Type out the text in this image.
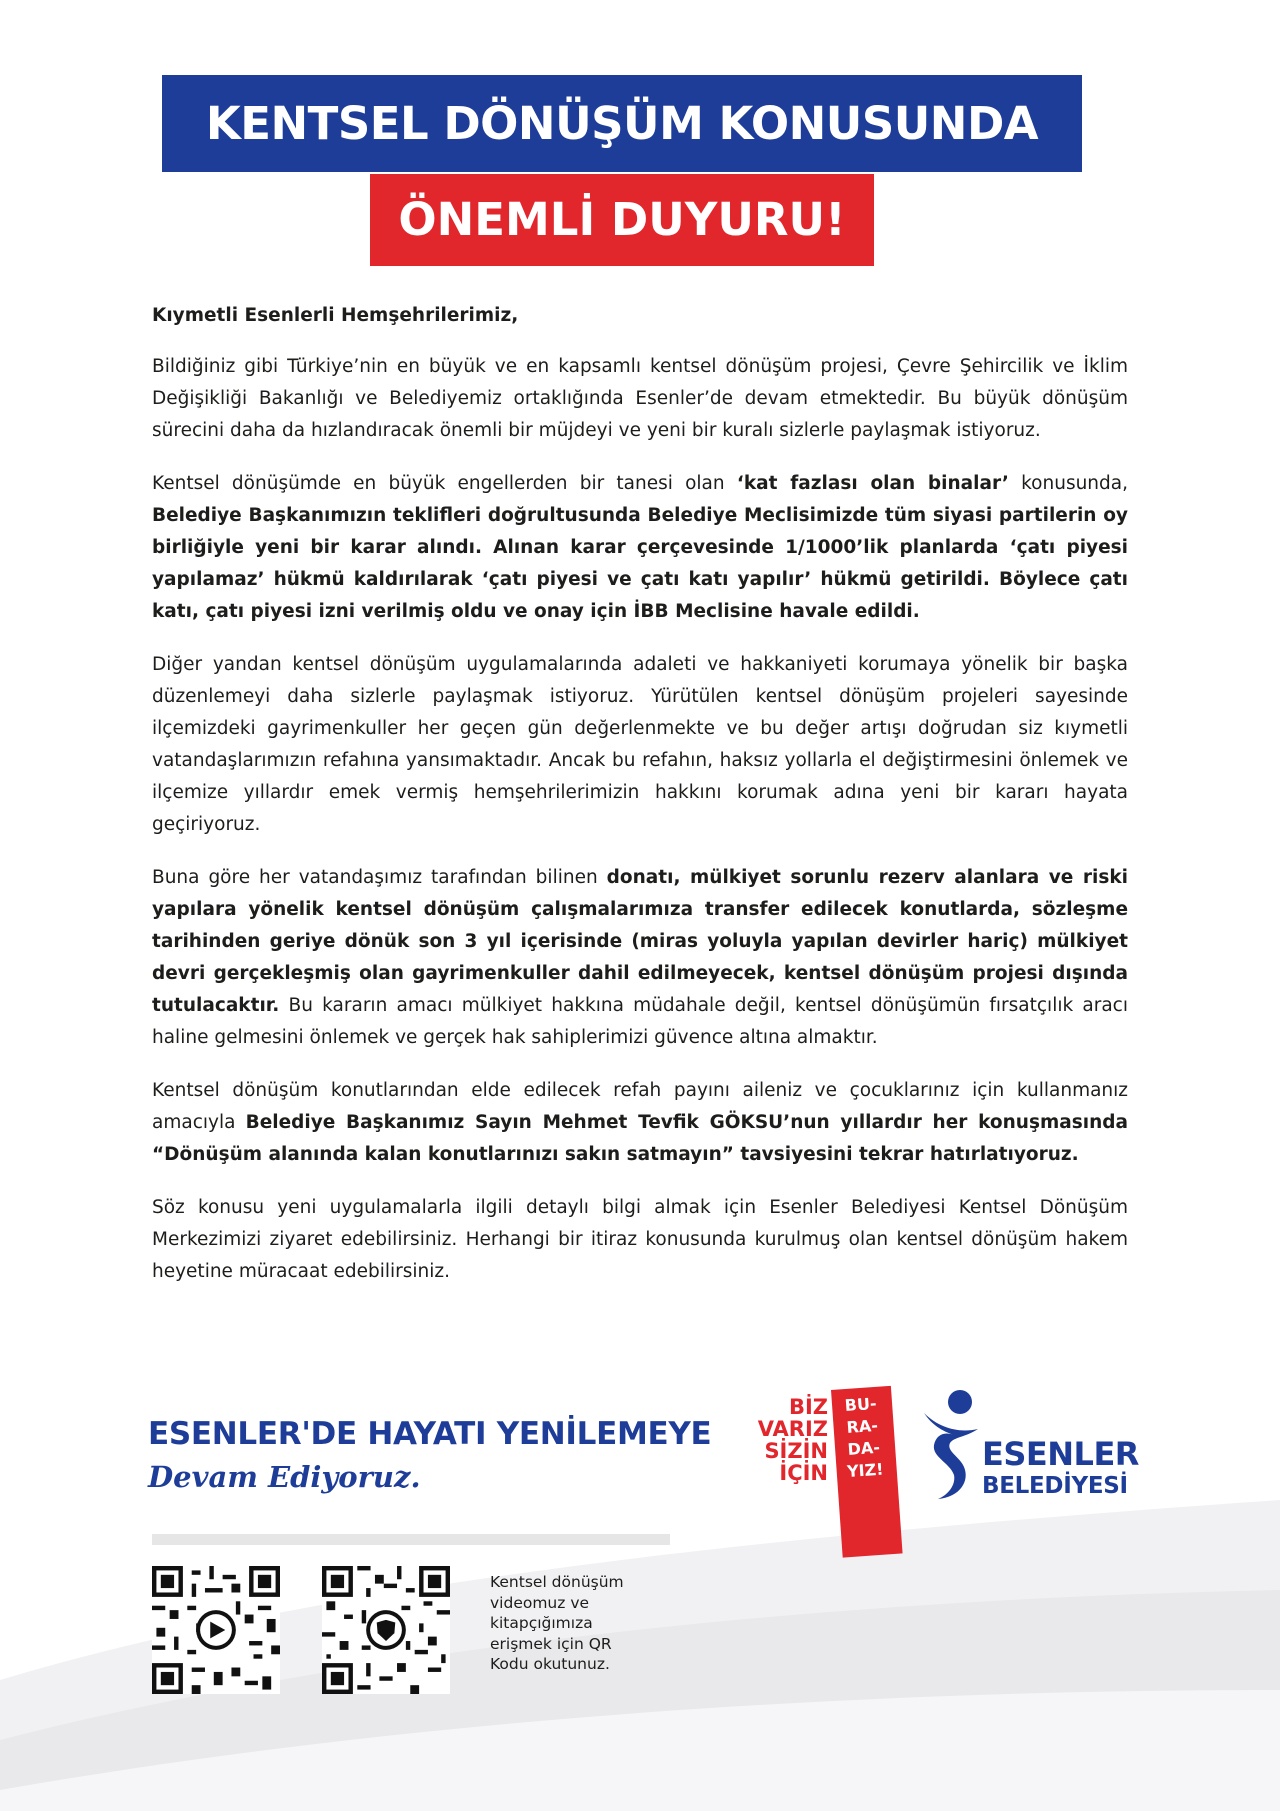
KENTSEL DÖNÜŞÜM KONUSUNDA
ÖNEMLİ DUYURU!

Kıymetli Esenlerli Hemşehrilerimiz,

Bildiğiniz gibi Türkiye’nin en büyük ve en kapsamlı kentsel dönüşüm projesi, Çevre Şehircilik ve İklim Değişikliği Bakanlığı ve Belediyemiz ortaklığında Esenler’de devam etmektedir. Bu büyük dönüşüm sürecini daha da hızlandıracak önemli bir müjdeyi ve yeni bir kuralı sizlerle paylaşmak istiyoruz.

Kentsel dönüşümde en büyük engellerden bir tanesi olan ‘kat fazlası olan binalar’ konusunda, Belediye Başkanımızın teklifleri doğrultusunda Belediye Meclisimizde tüm siyasi partilerin oy birliğiyle yeni bir karar alındı. Alınan karar çerçevesinde 1/1000’lik planlarda ‘çatı piyesi yapılamaz’ hükmü kaldırılarak ‘çatı piyesi ve çatı katı yapılır’ hükmü getirildi. Böylece çatı katı, çatı piyesi izni verilmiş oldu ve onay için İBB Meclisine havale edildi.

Diğer yandan kentsel dönüşüm uygulamalarında adaleti ve hakkaniyeti korumaya yönelik bir başka düzenlemeyi daha sizlerle paylaşmak istiyoruz. Yürütülen kentsel dönüşüm projeleri sayesinde ilçemizdeki gayrimenkuller her geçen gün değerlenmekte ve bu değer artışı doğrudan siz kıymetli vatandaşlarımızın refahına yansımaktadır. Ancak bu refahın, haksız yollarla el değiştirmesini önlemek ve ilçemize yıllardır emek vermiş hemşehrilerimizin hakkını korumak adına yeni bir kararı hayata geçiriyoruz.

Buna göre her vatandaşımız tarafından bilinen donatı, mülkiyet sorunlu rezerv alanlara ve riski yapılara yönelik kentsel dönüşüm çalışmalarımıza transfer edilecek konutlarda, sözleşme tarihinden geriye dönük son 3 yıl içerisinde (miras yoluyla yapılan devirler hariç) mülkiyet devri gerçekleşmiş olan gayrimenkuller dahil edilmeyecek, kentsel dönüşüm projesi dışında tutulacaktır. Bu kararın amacı mülkiyet hakkına müdahale değil, kentsel dönüşümün fırsatçılık aracı haline gelmesini önlemek ve gerçek hak sahiplerimizi güvence altına almaktır.

Kentsel dönüşüm konutlarından elde edilecek refah payını aileniz ve çocuklarınız için kullanmanız amacıyla Belediye Başkanımız Sayın Mehmet Tevfik GÖKSU’nun yıllardır her konuşmasında “Dönüşüm alanında kalan konutlarınızı sakın satmayın” tavsiyesini tekrar hatırlatıyoruz.

Söz konusu yeni uygulamalarla ilgili detaylı bilgi almak için Esenler Belediyesi Kentsel Dönüşüm Merkezimizi ziyaret edebilirsiniz. Herhangi bir itiraz konusunda kurulmuş olan kentsel dönüşüm hakem heyetine müracaat edebilirsiniz.

ESENLER'DE HAYATI YENİLEMEYE
Devam Ediyoruz.
Kentsel dönüşüm videomuz ve kitapçığımıza erişmek için QR Kodu okutunuz.
BİZ VARIZ SİZİN İÇİN
BU- RA- DA- YIZ!	ESENLER
BELEDİYESİ
